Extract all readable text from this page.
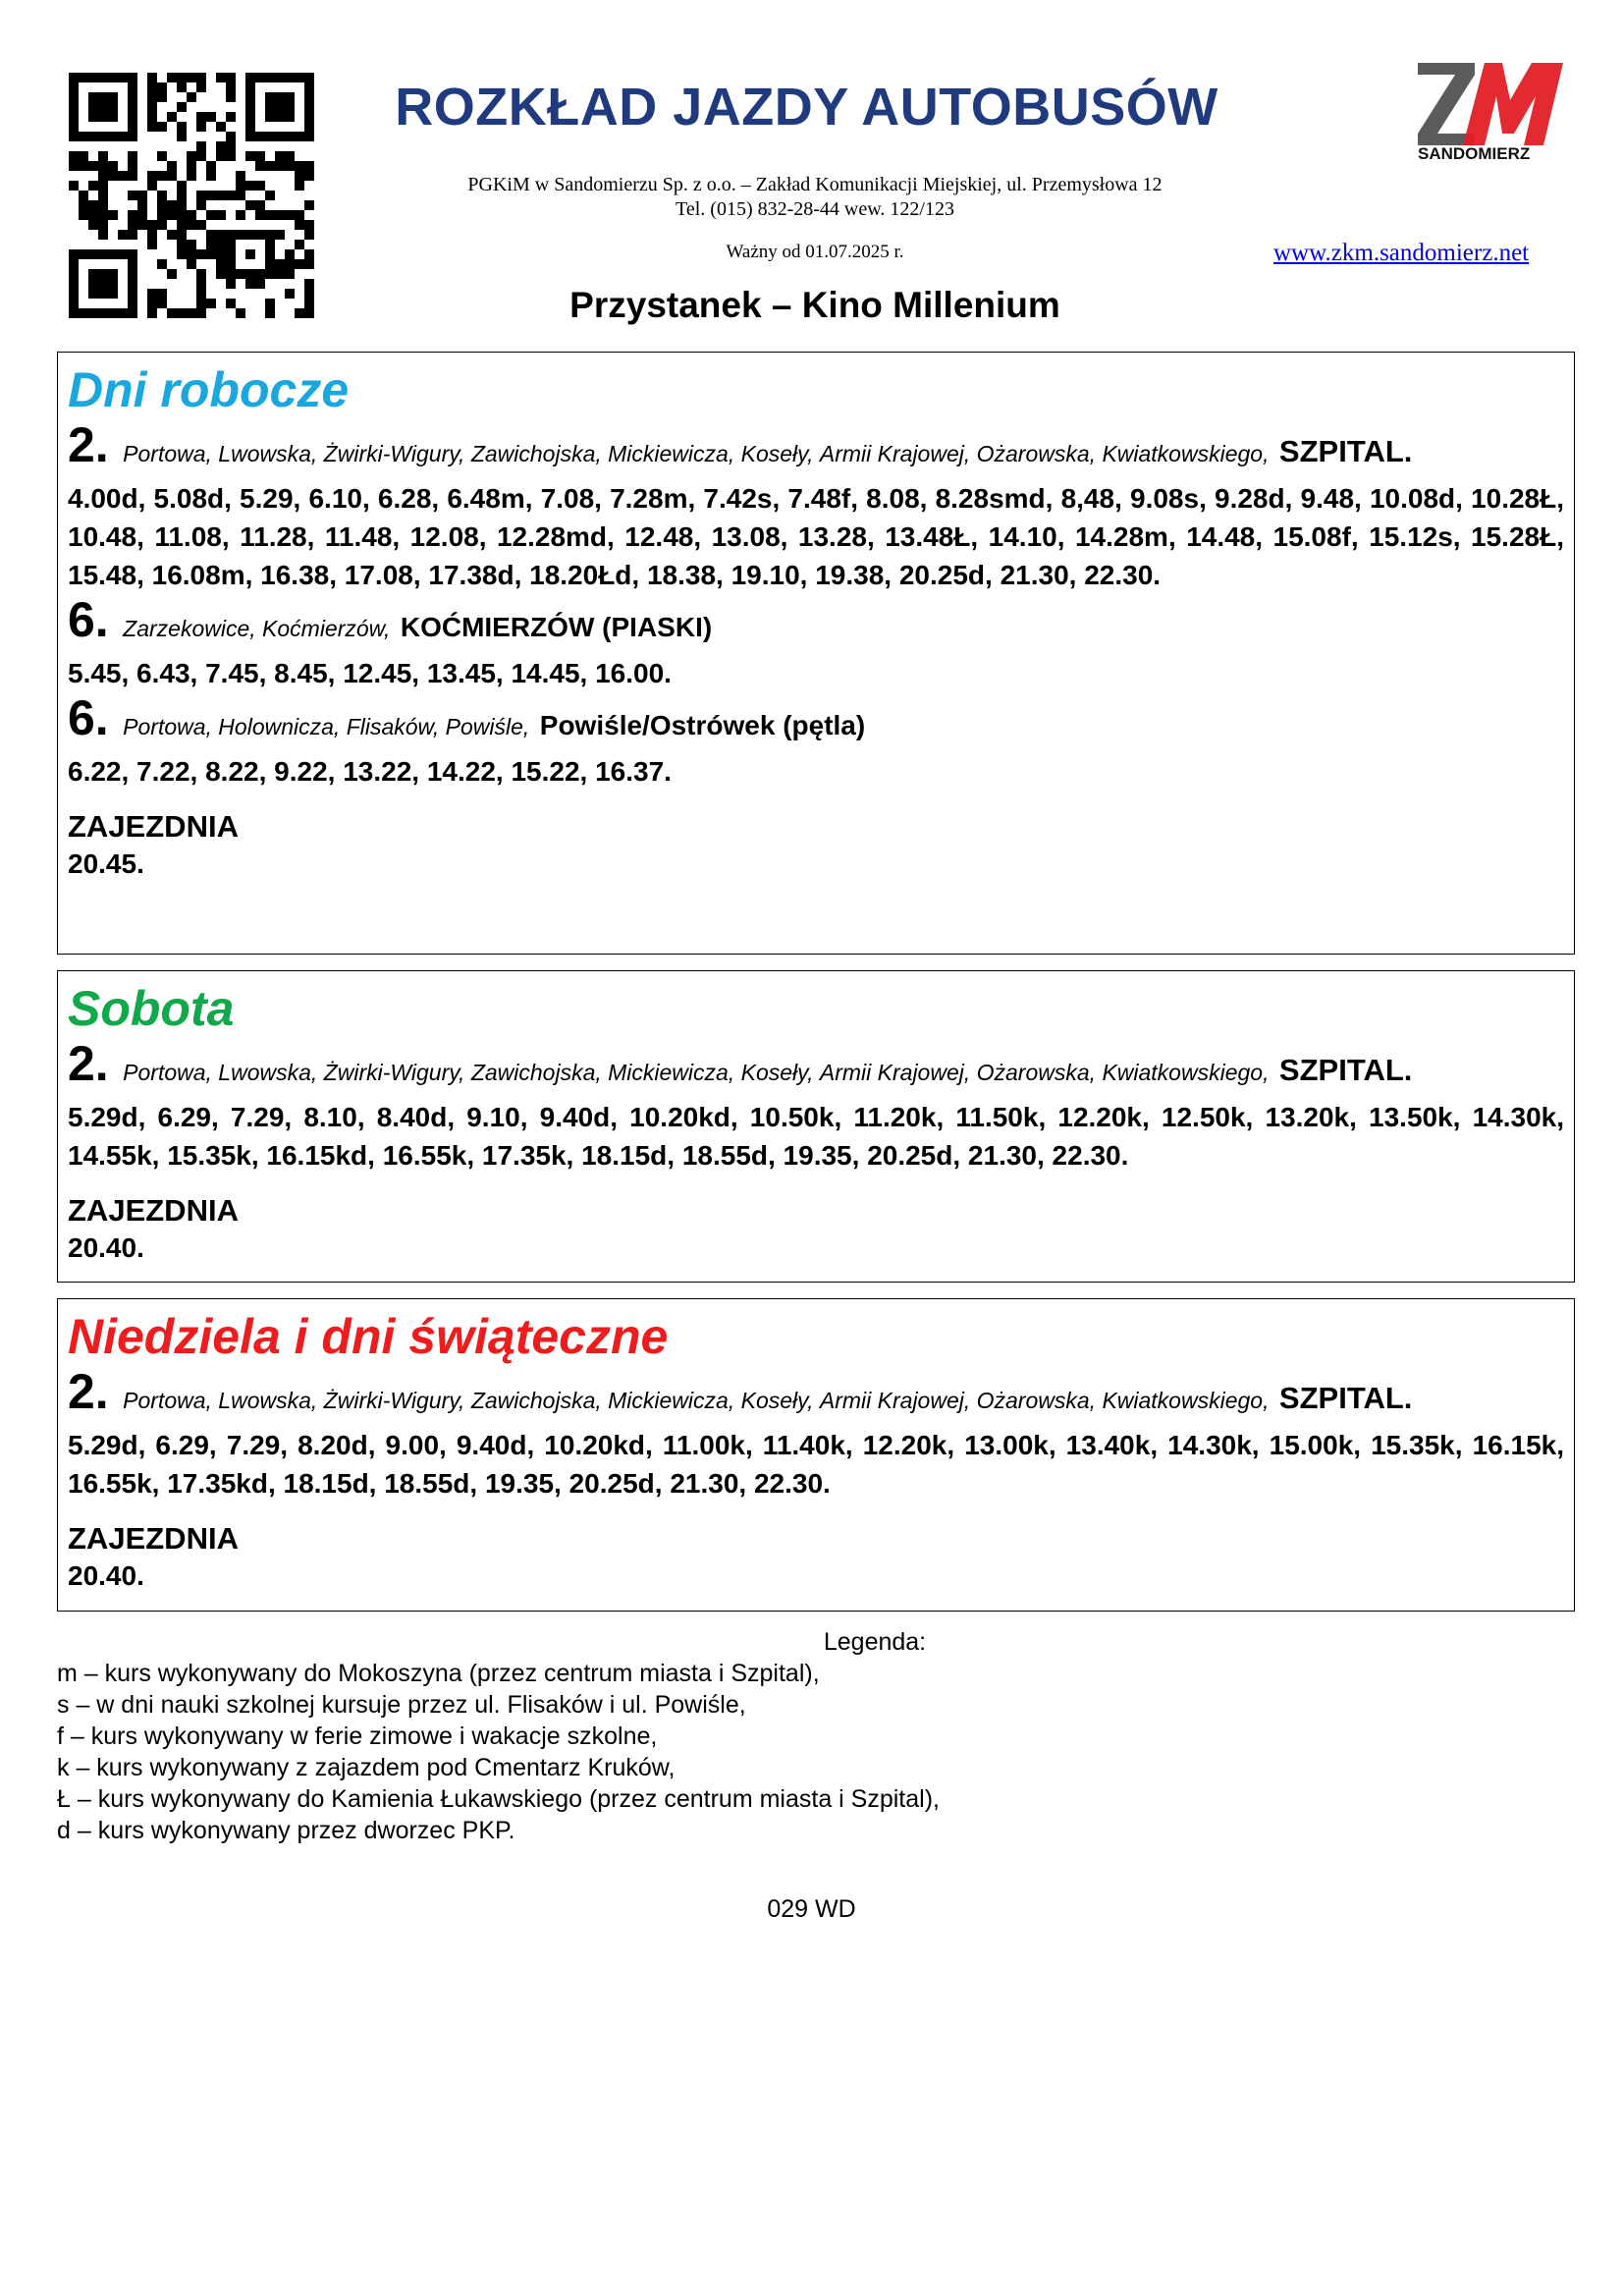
SANDOMIERZ
ROZKŁAD JAZDY AUTOBUSÓW
PGKiM w Sandomierzu Sp. z o.o. – Zakład Komunikacji Miejskiej, ul. Przemysłowa 12
Tel. (015) 832-28-44 wew. 122/123
Ważny od 01.07.2025 r.	www.zkm.sandomierz.net
Przystanek – Kino Millenium
Dni robocze
2. Portowa, Lwowska, Żwirki-Wigury, Zawichojska, Mickiewicza, Kosełу, Armii Krajowej, Ożarowska, Kwiatkowskiego, SZPITAL.
4.00d, 5.08d, 5.29, 6.10, 6.28, 6.48m, 7.08, 7.28m, 7.42s, 7.48f, 8.08, 8.28smd, 8,48, 9.08s, 9.28d, 9.48, 10.08d, 10.28Ł, 10.48, 11.08, 11.28, 11.48, 12.08, 12.28md, 12.48, 13.08, 13.28, 13.48Ł, 14.10, 14.28m, 14.48, 15.08f, 15.12s, 15.28Ł, 15.48, 16.08m, 16.38, 17.08, 17.38d, 18.20Łd, 18.38, 19.10, 19.38, 20.25d, 21.30, 22.30.
6. Zarzekowice, Koćmierzów, KOĆMIERZÓW (PIASKI)
5.45, 6.43, 7.45, 8.45, 12.45, 13.45, 14.45, 16.00.
6. Portowa, Holownicza, Flisaków, Powiśle, Powiśle/Ostrówek (pętla)
6.22, 7.22, 8.22, 9.22, 13.22, 14.22, 15.22, 16.37.
ZAJEZDNIA
20.45.
Sobota
2. Portowa, Lwowska, Żwirki-Wigury, Zawichojska, Mickiewicza, Kosełу, Armii Krajowej, Ożarowska, Kwiatkowskiego, SZPITAL.
5.29d, 6.29, 7.29, 8.10, 8.40d, 9.10, 9.40d, 10.20kd, 10.50k, 11.20k, 11.50k, 12.20k, 12.50k, 13.20k, 13.50k, 14.30k, 14.55k, 15.35k, 16.15kd, 16.55k, 17.35k, 18.15d, 18.55d, 19.35, 20.25d, 21.30, 22.30.
ZAJEZDNIA
20.40.
Niedziela i dni świąteczne
2. Portowa, Lwowska, Żwirki-Wigury, Zawichojska, Mickiewicza, Kosełу, Armii Krajowej, Ożarowska, Kwiatkowskiego, SZPITAL.
5.29d, 6.29, 7.29, 8.20d, 9.00, 9.40d, 10.20kd, 11.00k, 11.40k, 12.20k, 13.00k, 13.40k, 14.30k, 15.00k, 15.35k, 16.15k, 16.55k, 17.35kd, 18.15d, 18.55d, 19.35, 20.25d, 21.30, 22.30.
ZAJEZDNIA
20.40.
Legenda:
m – kurs wykonywany do Mokoszyna (przez centrum miasta i Szpital),
s – w dni nauki szkolnej kursuje przez ul. Flisaków i ul. Powiśle,
f – kurs wykonywany w ferie zimowe i wakacje szkolne,
k – kurs wykonywany z zajazdem pod Cmentarz Kruków,
Ł – kurs wykonywany do Kamienia Łukawskiego (przez centrum miasta i Szpital),
d – kurs wykonywany przez dworzec PKP.
029 WD
